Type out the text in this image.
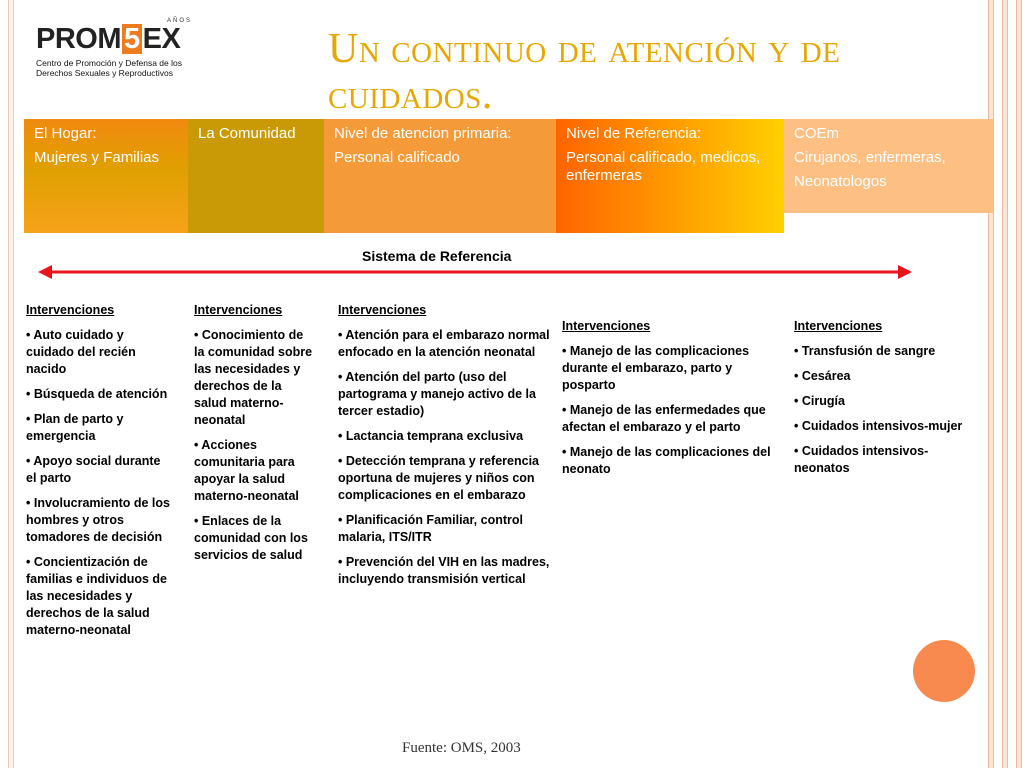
AÑOS
PROM 5 EX
Centro de Promoción y Defensa de los
Derechos Sexuales y Reproductivos
Un continuo de atención y de cuidados.

El Hogar:

Mujeres y Familias

La Comunidad	Nivel de atencion primaria:

Personal calificado

Nivel de Referencia:

Personal calificado, medicos, enfermeras

COEm

Cirujanos, enfermeras,

Neonatologos

Sistema de Referencia
Intervenciones
• Auto cuidado y cuidado del recién nacido
• Búsqueda de atención
• Plan de parto y emergencia
• Apoyo social durante el parto
• Involucramiento de los hombres y otros tomadores de decisión
• Concientización de familias e individuos de las necesidades y derechos de la salud materno-neonatal
Intervenciones
• Conocimiento de la comunidad sobre las necesidades y derechos de la salud materno-neonatal
• Acciones comunitaria para apoyar la salud materno-neonatal
• Enlaces de la comunidad con los servicios de salud
Intervenciones
• Atención para el embarazo normal enfocado en la atención neonatal
• Atención del parto (uso del partograma y manejo activo de la tercer estadio)
• Lactancia temprana exclusiva
• Detección temprana y referencia oportuna de mujeres y niños con complicaciones en el embarazo
• Planificación Familiar, control malaria, ITS/ITR
• Prevención del VIH en las madres, incluyendo transmisión vertical
Intervenciones
• Manejo de las complicaciones durante el embarazo, parto y posparto
• Manejo de las enfermedades que afectan el embarazo y el parto
• Manejo de las complicaciones del neonato
Intervenciones
• Transfusión de sangre
• Cesárea
• Cirugía
• Cuidados intensivos-mujer
• Cuidados intensivos-neonatos
Fuente: OMS, 2003
